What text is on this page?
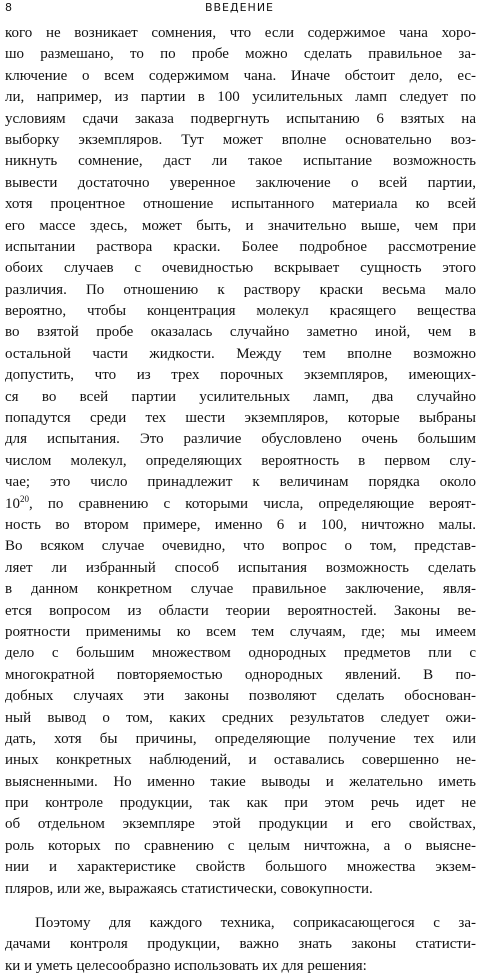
8	ВВЕДЕНИЕ
кого не возникает сомнения, что если содержимое чана хоро-
шо размешано, то по пробе можно сделать правильное за-
ключение о всем содержимом чана. Иначе обстоит дело, ес-
ли, например, из партии в 100 усилительных ламп следует по
условиям сдачи заказа подвергнуть испытанию 6 взятых на
выборку экземпляров. Тут может вполне основательно воз-
никнуть сомнение, даст ли такое испытание возможность
вывести достаточно уверенное заключение о всей партии,
хотя процентное отношение испытанного материала ко всей
его массе здесь, может быть, и значительно выше, чем при
испытании раствора краски. Более подробное рассмотрение
обоих случаев с очевидностью вскрывает сущность этого
различия. По отношению к раствору краски весьма мало
вероятно, чтобы концентрация молекул красящего вещества
во взятой пробе оказалась случайно заметно иной, чем в
остальной части жидкости. Между тем вполне возможно
допустить, что из трех порочных экземпляров, имеющих-
ся во всей партии усилительных ламп, два случайно
попадутся среди тех шести экземпляров, которые выбраны
для испытания. Это различие обусловлено очень большим
числом молекул, определяющих вероятность в первом слу-
чае; это число принадлежит к величинам порядка около
$10^{20}$, по сравнению с которыми числа, определяющие вероят-
ность во втором примере, именно 6 и 100, ничтожно малы.
Во всяком случае очевидно, что вопрос о том, представ-
ляет ли избранный способ испытания возможность сделать
в данном конкретном случае правильное заключение, явля-
ется вопросом из области теории вероятностей. Законы ве-
роятности применимы ко всем тем случаям, где; мы имеем
дело с большим множеством однородных предметов пли с
многократной повторяемостью однородных явлений. В по-
добных случаях эти законы позволяют сделать обоснован-
ный вывод о том, каких средних результатов следует ожи-
дать, хотя бы причины, определяющие получение тех или
иных конкретных наблюдений, и оставались совершенно не-
выясненными. Но именно такие выводы и желательно иметь
при контроле продукции, так как при этом речь идет не
об отдельном экземпляре этой продукции и его свойствах,
роль которых по сравнению с целым ничтожна, а о выясне-
нии и характеристике свойств большого множества экзем-
пляров, или же, выражаясь статистически, совокупности.
Поэтому для каждого техника, соприкасающегося с за-
дачами контроля продукции, важно знать законы статисти-
ки и уметь целесообразно использовать их для решения:
